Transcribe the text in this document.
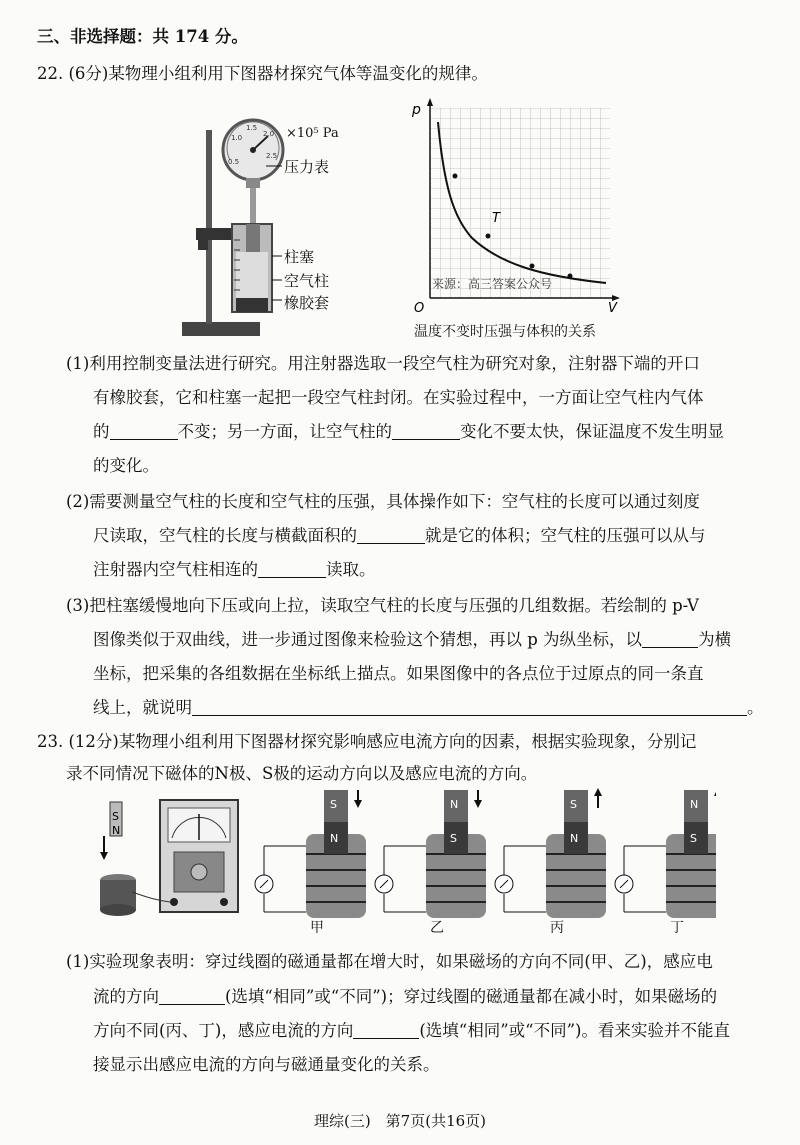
三、非选择题：共 174 分。
22. (6分)某物理小组利用下图器材探究气体等温变化的规律。
0.5
1.0
1.5
2.0
2.5
×10⁵ Pa
压力表
柱塞
空气柱
橡胶套
p
O	V
T
来源：高三答案公众号
温度不变时压强与体积的关系
(1)利用控制变量法进行研究。用注射器选取一段空气柱为研究对象，注射器下端的开口
有橡胶套，它和柱塞一起把一段空气柱封闭。在实验过程中，一方面让空气柱内气体
的	不变；另一方面，让空气柱的	变化不要太快，保证温度不发生明显
的变化。
(2)需要测量空气柱的长度和空气柱的压强，具体操作如下：空气柱的长度可以通过刻度
尺读取，空气柱的长度与横截面积的	就是它的体积；空气柱的压强可以从与
注射器内空气柱相连的	读取。
(3)把柱塞缓慢地向下压或向上拉，读取空气柱的长度与压强的几组数据。若绘制的 p-V
图像类似于双曲线，进一步通过图像来检验这个猜想，再以 p 为纵坐标，以	为横
坐标，把采集的各组数据在坐标纸上描点。如果图像中的各点位于过原点的同一条直
线上，就说明	。
23. (12分)某物理小组利用下图器材探究影响感应电流方向的因素，根据实验现象，分别记
录不同情况下磁体的N极、S极的运动方向以及感应电流的方向。
S
N
S
N
N
S
S
N
N
S
甲	乙	丙	丁
(1)实验现象表明：穿过线圈的磁通量都在增大时，如果磁场的方向不同(甲、乙)，感应电
流的方向	(选填“相同”或“不同”)；穿过线圈的磁通量都在减小时，如果磁场的
方向不同(丙、丁)，感应电流的方向	(选填“相同”或“不同”)。看来实验并不能直
接显示出感应电流的方向与磁通量变化的关系。
理综(三)　第7页(共16页)
